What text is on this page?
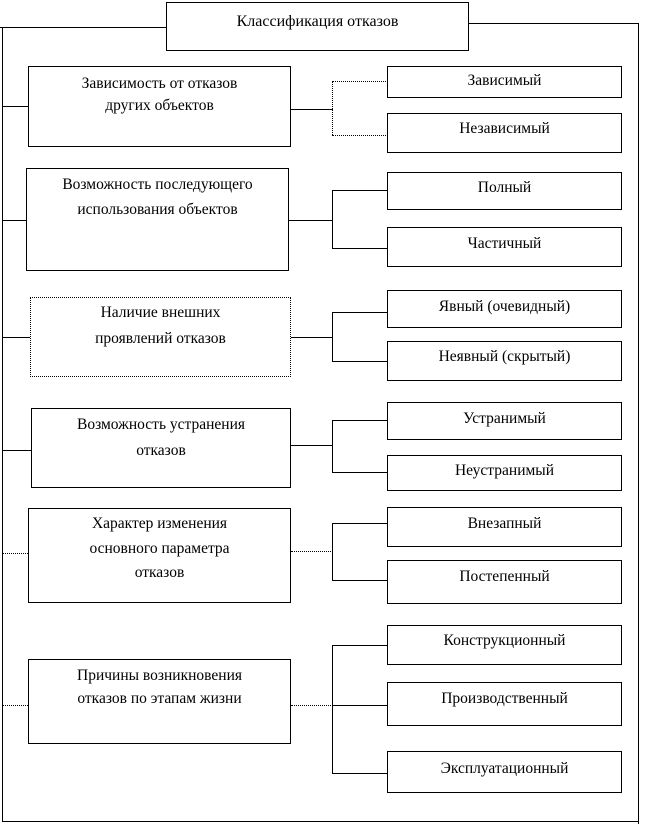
Классификация отказов
Зависимость от отказов
других объектов
Зависимый
Независимый
Возможность последующего
использования объектов
Полный
Частичный
Наличие внешних
проявлений отказов
Явный (очевидный)
Неявный (скрытый)
Возможность устранения
отказов
Устранимый
Неустранимый
Характер изменения
основного параметра
отказов
Внезапный
Постепенный
Причины возникновения
отказов по этапам жизни
Конструкционный
Производственный
Эксплуатационный
